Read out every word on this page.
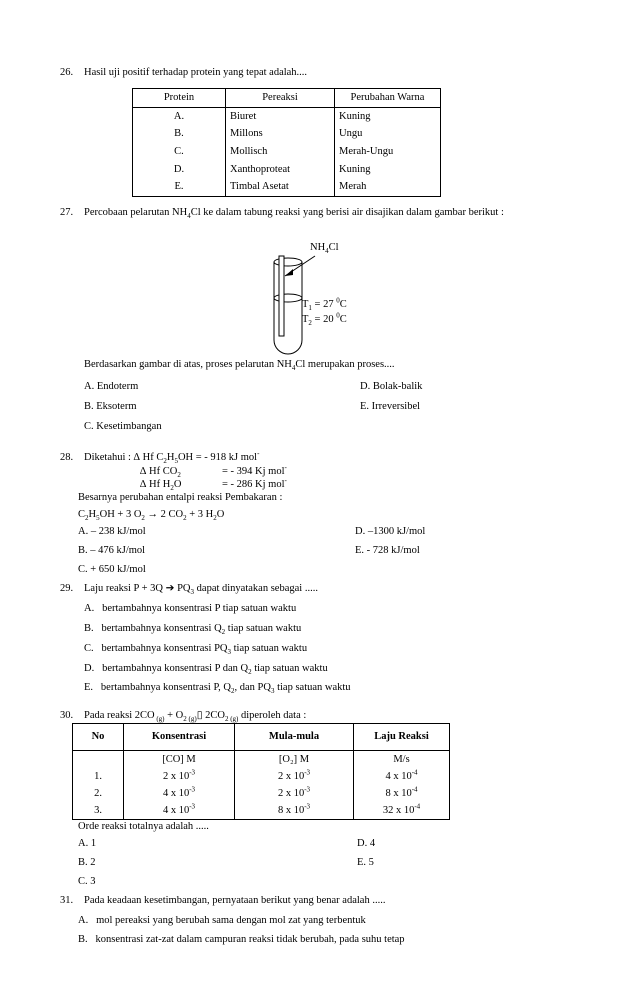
26. Hasil uji positif terhadap protein yang tepat adalah....
Protein	Pereaksi	Perubahan Warna
A.	Biuret	Kuning
B.	Millons	Ungu
C.	Mollisch	Merah-Ungu
D.	Xanthoproteat	Kuning
E.	Timbal Asetat	Merah
27. Percobaan pelarutan $NH_4Cl$ ke dalam tabung reaksi yang berisi air disajikan dalam gambar berikut :
$NH_4Cl$
$T_1 = 27$ $^0$C
$T_2 = 20$ $^0$C
Berdasarkan gambar di atas, proses pelarutan $NH_4Cl$ merupakan proses....
A. Endoterm	D. Bolak-balik
B. Eksoterm	E. Irreversibel
C. Kesetimbangan
28. Diketahui : ∆ Hf $C_2H_5OH$ = - 918 kJ mol-
∆ Hf $CO_2$	= - 394 Kj mol-
∆ Hf $H_2O$	= - 286 Kj mol-
Besarnya perubahan entalpi reaksi Pembakaran :
$C_2H_5OH + 3$ $O_2 \to 2$ $CO_2 + 3$ $H_2O$
A. – 238 kJ/mol	D. –1300 kJ/mol
B. – 476 kJ/mol	E. - 728 kJ/mol
C. + 650 kJ/mol
29. Laju reaksi P + 3Q ➔ $PQ_3$ dapat dinyatakan sebagai .....
A. bertambahnya konsentrasi P tiap satuan waktu
B. bertambahnya konsentrasi $Q_2$ tiap satuan waktu
C. bertambahnya konsentrasi $PQ_3$ tiap satuan waktu
D. bertambahnya konsentrasi P dan $Q_2$ tiap satuan waktu
E. bertambahnya konsentrasi P, $Q_2$, dan $PQ_3$ tiap satuan waktu
30. Pada reaksi 2CO $_{(g)} + O_{2 (g)}▯$ $2CO_{2 (g)}$ diperoleh data :
No	Konsentrasi	Mula-mula	Laju Reaksi
	[CO] M	[O₂] M	M/s
1.	2 x $10^{-3}$	2 x $10^{-3}$	4 x $10^{-4}$
2.	4 x $10^{-3}$	2 x $10^{-3}$	8 x $10^{-4}$
3.	4 x $10^{-3}$	8 x $10^{-3}$	32 x $10^{-4}$
Orde reaksi totalnya adalah .....
A. 1	D. 4
B. 2	E. 5
C. 3
31. Pada keadaan kesetimbangan, pernyataan berikut yang benar adalah .....
A. mol pereaksi yang berubah sama dengan mol zat yang terbentuk
B. konsentrasi zat-zat dalam campuran reaksi tidak berubah, pada suhu tetap
